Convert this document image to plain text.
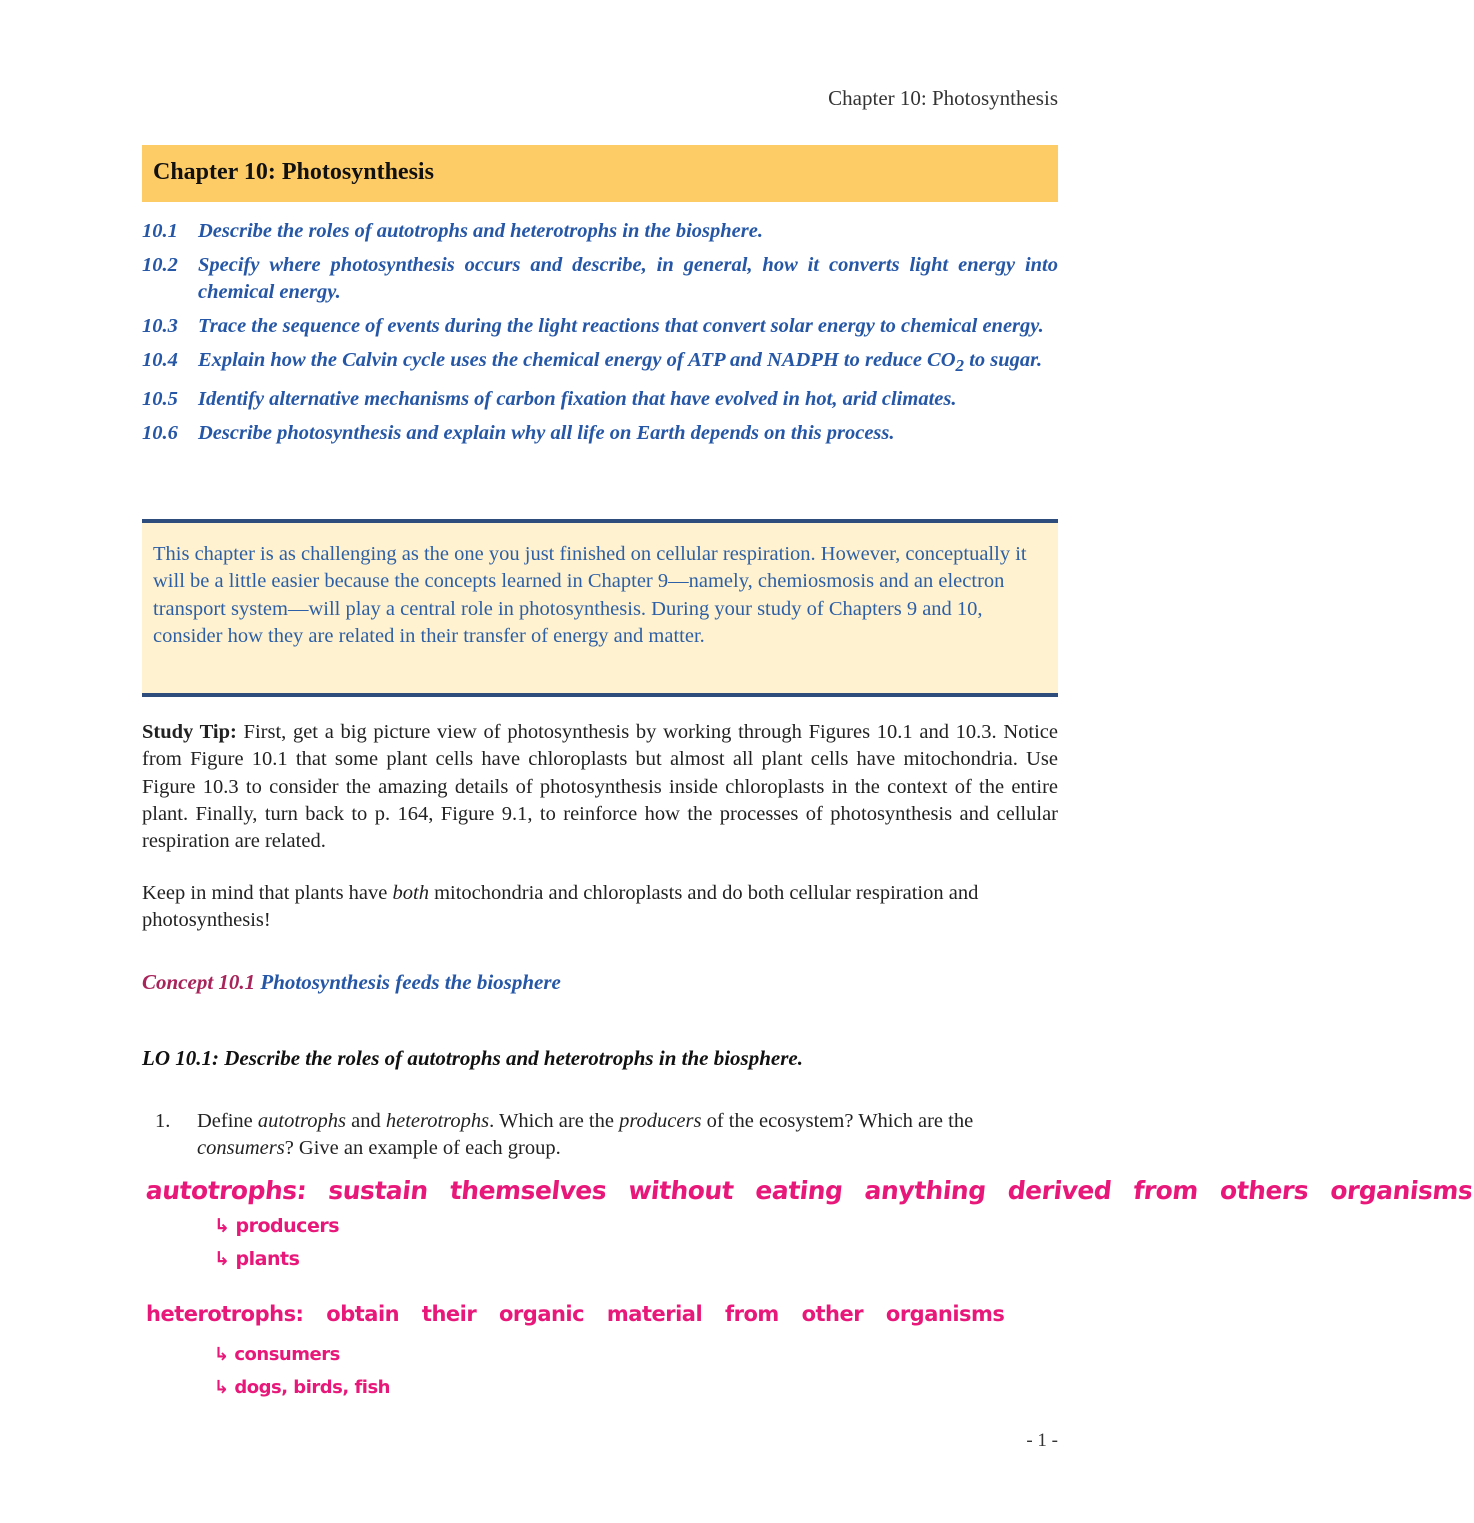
Chapter 10: Photosynthesis
Chapter 10: Photosynthesis
10.1 Describe the roles of autotrophs and heterotrophs in the biosphere.
10.2 Specify where photosynthesis occurs and describe, in general, how it converts light energy into chemical energy.
10.3 Trace the sequence of events during the light reactions that convert solar energy to chemical energy.
10.4 Explain how the Calvin cycle uses the chemical energy of ATP and NADPH to reduce $CO_2$ to sugar.
10.5 Identify alternative mechanisms of carbon fixation that have evolved in hot, arid climates.
10.6 Describe photosynthesis and explain why all life on Earth depends on this process.
This chapter is as challenging as the one you just finished on cellular respiration. However, conceptually it will be a little easier because the concepts learned in Chapter 9—namely, chemiosmosis and an electron transport system—will play a central role in photosynthesis. During your study of Chapters 9 and 10, consider how they are related in their transfer of energy and matter.
Study Tip: First, get a big picture view of photosynthesis by working through Figures 10.1 and 10.3. Notice from Figure 10.1 that some plant cells have chloroplasts but almost all plant cells have mitochondria. Use Figure 10.3 to consider the amazing details of photosynthesis inside chloroplasts in the context of the entire plant. Finally, turn back to p. 164, Figure 9.1, to reinforce how the processes of photosynthesis and cellular respiration are related.
Keep in mind that plants have both mitochondria and chloroplasts and do both cellular respiration and photosynthesis!
Concept 10.1 Photosynthesis feeds the biosphere
LO 10.1: Describe the roles of autotrophs and heterotrophs in the biosphere.
1.	Define autotrophs and heterotrophs. Which are the producers of the ecosystem? Which are the consumers? Give an example of each group.
autotrophs: sustain themselves without eating anything derived from others organisms
↳ producers
↳ plants
heterotrophs: obtain their organic material from other organisms
↳ consumers
↳ dogs, birds, fish
- 1 -
